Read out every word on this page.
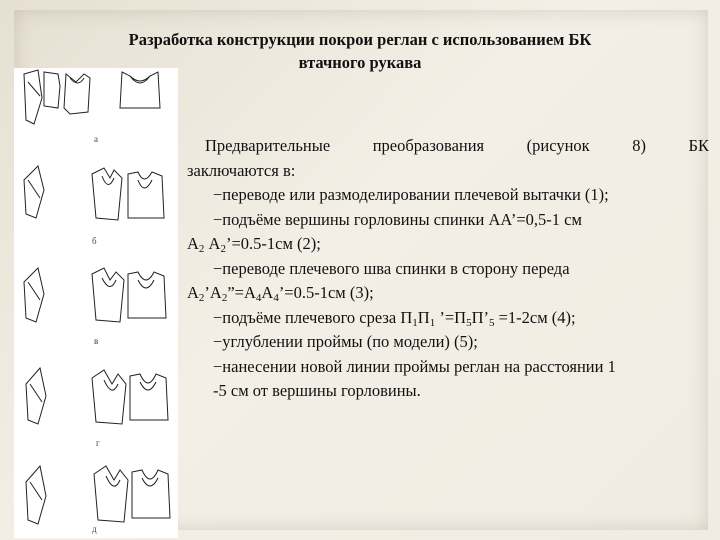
Разработка конструкции покрои реглан с использованием БК
втачного рукава
а
б
в
г
д
Предварительные	преобразования	(рисунок	8)	БК
заключаются в:
−переводе или размоделировании плечевой вытачки (1);
−подъёме вершины горловины спинки АА’=0,5-1 см
$А_2$ $А_2’=0.5-1см$ (2);
−переводе плечевого шва спинки в сторону переда
$А_2’А_2”=А_4А_4’=0.5-1см$ (3);
−подъёме плечевого среза $П_1П_1$ $’=П_5П’_5 =1-2см$ (4);
−углублении проймы (по модели) (5);
−нанесении новой линии проймы реглан на расстоянии 1
-5 см от вершины горловины.
